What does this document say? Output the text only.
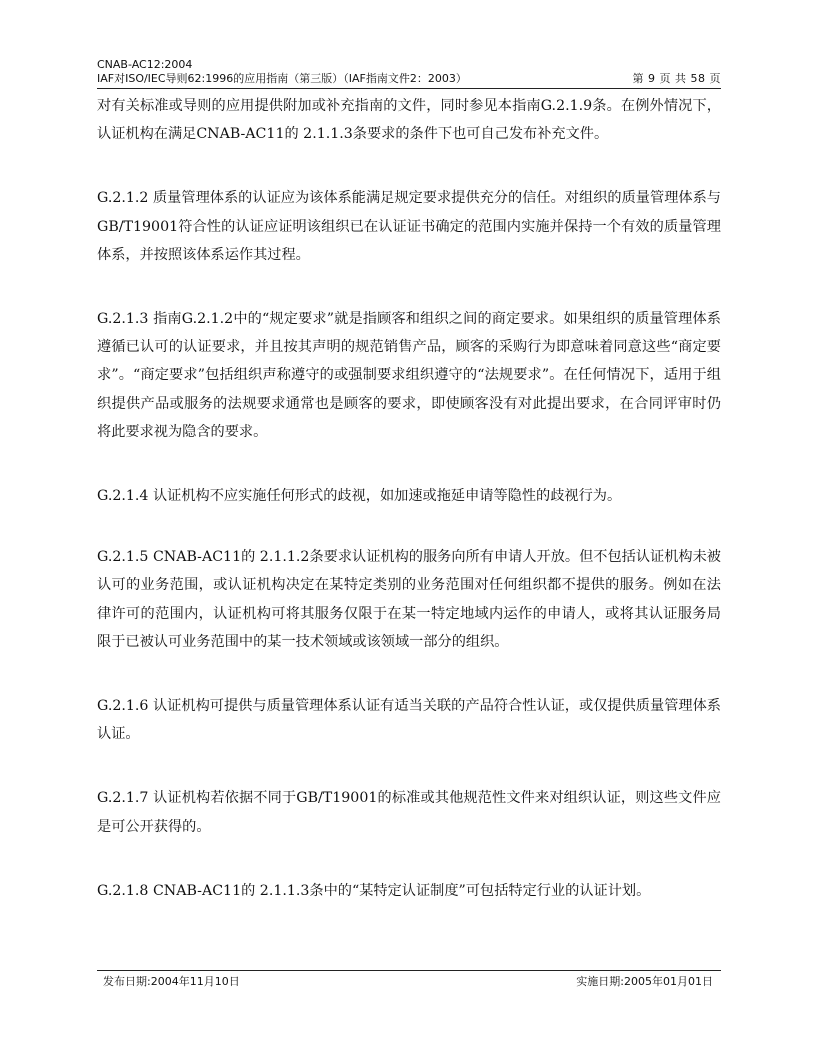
CNAB-AC12:2004
IAF对ISO/IEC导则62:1996的应用指南（第三版）（IAF指南文件2：2003）	第 9 页 共 58 页

对有关标准或导则的应用提供附加或补充指南的文件，同时参见本指南G.2.1.9条。在例外情况下，认证机构在满足CNAB-AC11的 2.1.1.3条要求的条件下也可自己发布补充文件。

G.2.1.2 质量管理体系的认证应为该体系能满足规定要求提供充分的信任。对组织的质量管理体系与GB/T19001符合性的认证应证明该组织已在认证证书确定的范围内实施并保持一个有效的质量管理体系，并按照该体系运作其过程。

G.2.1.3 指南G.2.1.2中的“规定要求”就是指顾客和组织之间的商定要求。如果组织的质量管理体系遵循已认可的认证要求，并且按其声明的规范销售产品，顾客的采购行为即意味着同意这些“商定要求”。“商定要求”包括组织声称遵守的或强制要求组织遵守的“法规要求”。在任何情况下，适用于组织提供产品或服务的法规要求通常也是顾客的要求，即使顾客没有对此提出要求，在合同评审时仍将此要求视为隐含的要求。

G.2.1.4 认证机构不应实施任何形式的歧视，如加速或拖延申请等隐性的歧视行为。

G.2.1.5 CNAB-AC11的 2.1.1.2条要求认证机构的服务向所有申请人开放。但不包括认证机构未被认可的业务范围，或认证机构决定在某特定类别的业务范围对任何组织都不提供的服务。例如在法律许可的范围内，认证机构可将其服务仅限于在某一特定地域内运作的申请人，或将其认证服务局限于已被认可业务范围中的某一技术领域或该领域一部分的组织。

G.2.1.6 认证机构可提供与质量管理体系认证有适当关联的产品符合性认证，或仅提供质量管理体系认证。

G.2.1.7 认证机构若依据不同于GB/T19001的标准或其他规范性文件来对组织认证，则这些文件应是可公开获得的。

G.2.1.8 CNAB-AC11的 2.1.1.3条中的“某特定认证制度”可包括特定行业的认证计划。

发布日期:2004年11月10日	实施日期:2005年01月01日
